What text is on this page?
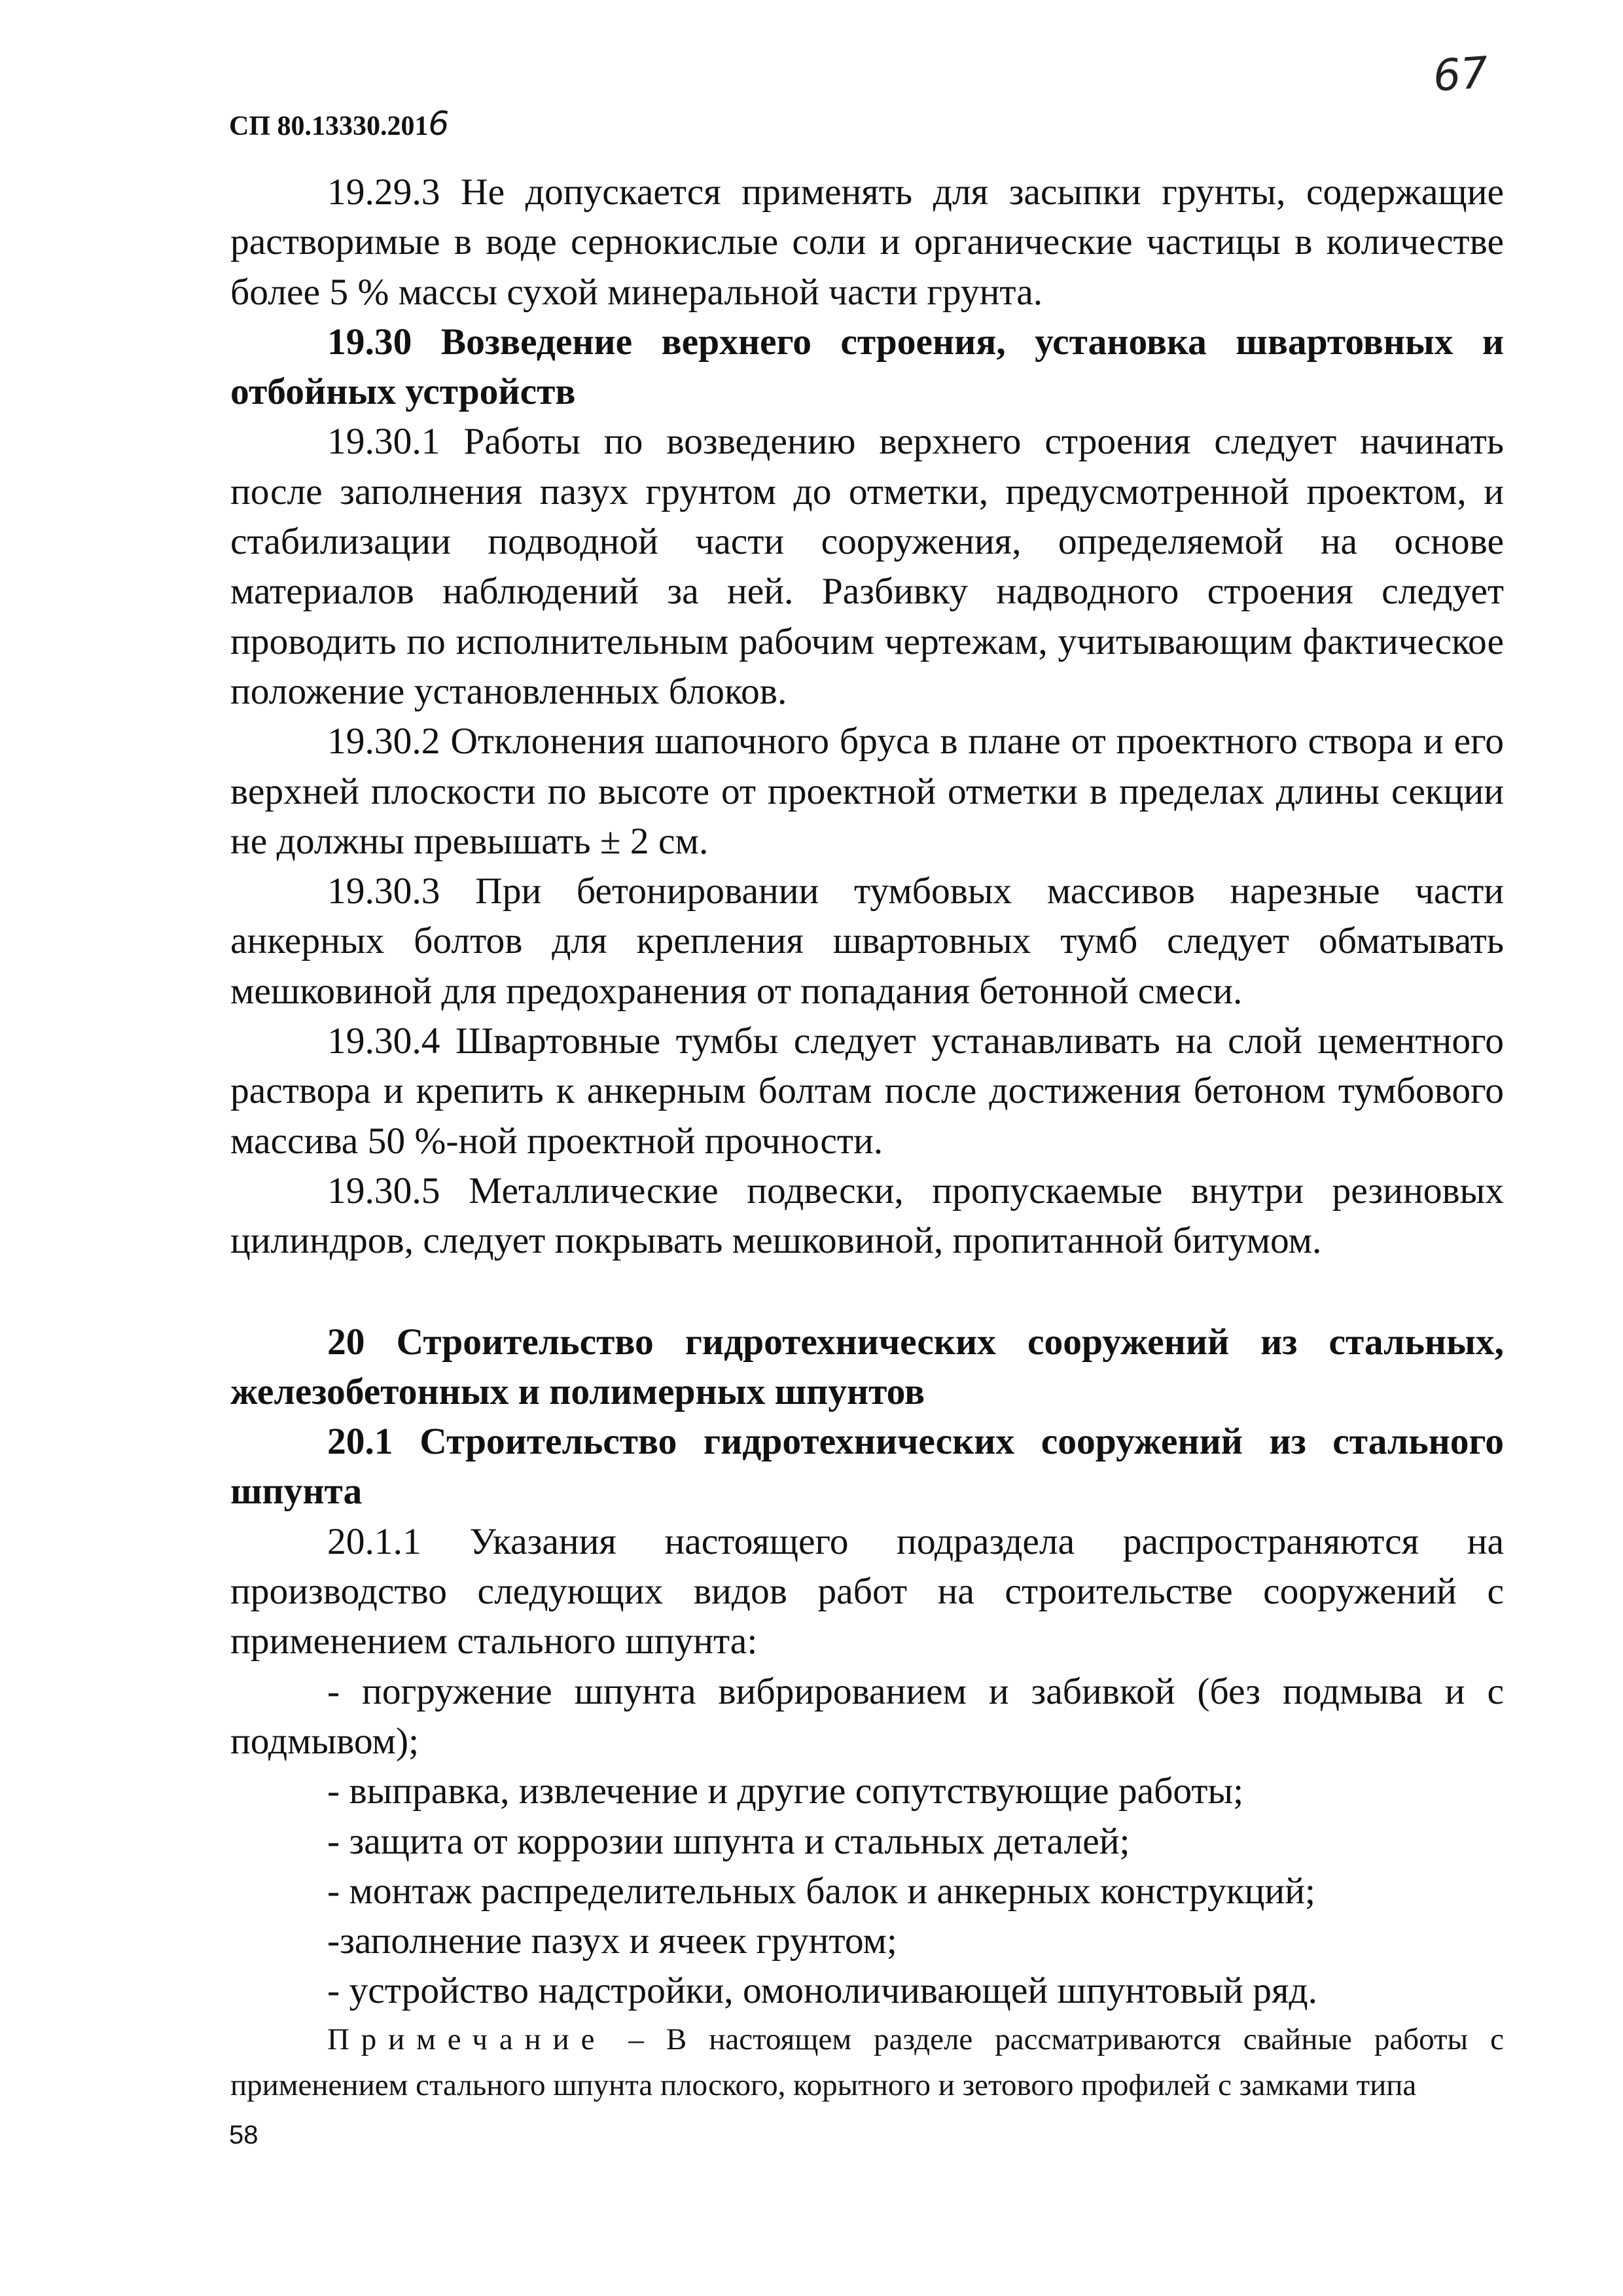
СП 80.13330.2016
67

19.29.3 Не допускается применять для засыпки грунты, содержащие растворимые в воде сернокислые соли и органические частицы в количестве более 5 % массы сухой минеральной части грунта.

19.30 Возведение верхнего строения, установка швартовных и отбойных устройств

19.30.1 Работы по возведению верхнего строения следует начинать после заполнения пазух грунтом до отметки, предусмотренной проектом, и стабилизации подводной части сооружения, определяемой на основе материалов наблюдений за ней. Разбивку надводного строения следует проводить по исполнительным рабочим чертежам, учитывающим фактическое положение установленных блоков.

19.30.2 Отклонения шапочного бруса в плане от проектного створа и его верхней плоскости по высоте от проектной отметки в пределах длины секции не должны превышать ± 2 см.

19.30.3 При бетонировании тумбовых массивов нарезные части анкерных болтов для крепления швартовных тумб следует обматывать мешковиной для предохранения от попадания бетонной смеси.

19.30.4 Швартовные тумбы следует устанавливать на слой цементного раствора и крепить к анкерным болтам после достижения бетоном тумбового массива 50 %-ной проектной прочности.

19.30.5 Металлические подвески, пропускаемые внутри резиновых цилиндров, следует покрывать мешковиной, пропитанной битумом.

20 Строительство гидротехнических сооружений из стальных, железобетонных и полимерных шпунтов

20.1 Строительство гидротехнических сооружений из стального шпунта

20.1.1 Указания настоящего подраздела распространяются на производство следующих видов работ на строительстве сооружений с применением стального шпунта:

- погружение шпунта вибрированием и забивкой (без подмыва и с подмывом);

- выправка, извлечение и другие сопутствующие работы;

- защита от коррозии шпунта и стальных деталей;

- монтаж распределительных балок и анкерных конструкций;

-заполнение пазух и ячеек грунтом;

- устройство надстройки, омоноличивающей шпунтовый ряд.

Примечание – В настоящем разделе рассматриваются свайные работы с применением стального шпунта плоского, корытного и зетового профилей с замками типа

58
